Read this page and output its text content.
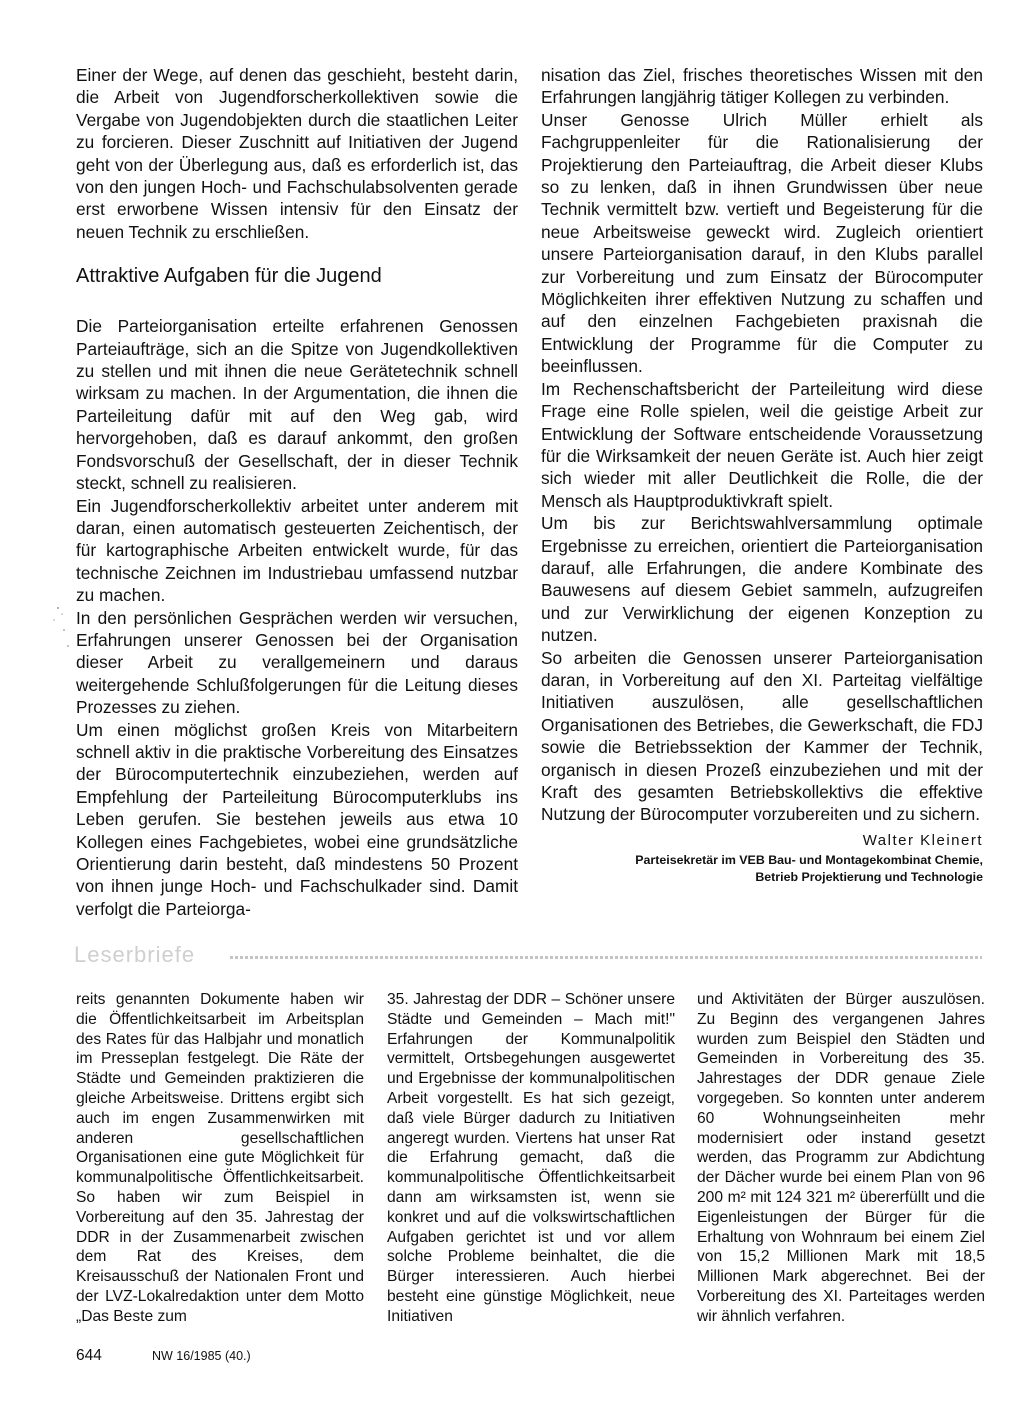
Einer der Wege, auf denen das geschieht, besteht darin, die Arbeit von Jugendforscherkollektiven sowie die Vergabe von Jugendobjekten durch die staatlichen Leiter zu forcieren. Dieser Zuschnitt auf Initiativen der Jugend geht von der Überlegung aus, daß es erforderlich ist, das von den jungen Hoch- und Fachschulabsolventen gerade erst erworbene Wissen intensiv für den Einsatz der neuen Technik zu erschließen.

Attraktive Aufgaben für die Jugend

Die Parteiorganisation erteilte erfahrenen Genossen Parteiaufträge, sich an die Spitze von Jugendkollektiven zu stellen und mit ihnen die neue Gerätetechnik schnell wirksam zu machen. In der Argumentation, die ihnen die Parteileitung dafür mit auf den Weg gab, wird hervorgehoben, daß es darauf ankommt, den großen Fondsvorschuß der Gesellschaft, der in dieser Technik steckt, schnell zu realisieren.

Ein Jugendforscherkollektiv arbeitet unter anderem mit daran, einen automatisch gesteuerten Zeichentisch, der für kartographische Arbeiten entwickelt wurde, für das technische Zeichnen im Industriebau umfassend nutzbar zu machen.

In den persönlichen Gesprächen werden wir versuchen, Erfahrungen unserer Genossen bei der Organisation dieser Arbeit zu verallgemeinern und daraus weitergehende Schlußfolgerungen für die Leitung dieses Prozesses zu ziehen.

Um einen möglichst großen Kreis von Mitarbeitern schnell aktiv in die praktische Vorbereitung des Einsatzes der Bürocomputertechnik einzubeziehen, werden auf Empfehlung der Parteileitung Bürocomputerklubs ins Leben gerufen. Sie bestehen jeweils aus etwa 10 Kollegen eines Fachgebietes, wobei eine grundsätzliche Orientierung darin besteht, daß mindestens 50 Prozent von ihnen junge Hoch- und Fachschulkader sind. Damit verfolgt die Parteiorga-

nisation das Ziel, frisches theoretisches Wissen mit den Erfahrungen langjährig tätiger Kollegen zu verbinden.

Unser Genosse Ulrich Müller erhielt als Fachgruppenleiter für die Rationalisierung der Projektierung den Parteiauftrag, die Arbeit dieser Klubs so zu lenken, daß in ihnen Grundwissen über neue Technik vermittelt bzw. vertieft und Begeisterung für die neue Arbeitsweise geweckt wird. Zugleich orientiert unsere Parteiorganisation darauf, in den Klubs parallel zur Vorbereitung und zum Einsatz der Bürocomputer Möglichkeiten ihrer effektiven Nutzung zu schaffen und auf den einzelnen Fachgebieten praxisnah die Entwicklung der Programme für die Computer zu beeinflussen.

Im Rechenschaftsbericht der Parteileitung wird diese Frage eine Rolle spielen, weil die geistige Arbeit zur Entwicklung der Software entscheidende Voraussetzung für die Wirksamkeit der neuen Geräte ist. Auch hier zeigt sich wieder mit aller Deutlichkeit die Rolle, die der Mensch als Hauptproduktivkraft spielt.

Um bis zur Berichtswahlversammlung optimale Ergebnisse zu erreichen, orientiert die Parteiorganisation darauf, alle Erfahrungen, die andere Kombinate des Bauwesens auf diesem Gebiet sammeln, aufzugreifen und zur Verwirklichung der eigenen Konzeption zu nutzen.

So arbeiten die Genossen unserer Parteiorganisation daran, in Vorbereitung auf den XI. Parteitag vielfältige Initiativen auszulösen, alle gesellschaftlichen Organisationen des Betriebes, die Gewerkschaft, die FDJ sowie die Betriebssektion der Kammer der Technik, organisch in diesen Prozeß einzubeziehen und mit der Kraft des gesamten Betriebskollektivs die effektive Nutzung der Bürocomputer vorzubereiten und zu sichern.

Walter Kleinert
Parteisekretär im VEB Bau- und Montagekombinat Chemie,
Betrieb Projektierung und Technologie
Leserbriefe

reits genannten Dokumente haben wir die Öffentlichkeitsarbeit im Arbeitsplan des Rates für das Halbjahr und monatlich im Presseplan festgelegt. Die Räte der Städte und Gemeinden praktizieren die gleiche Arbeitsweise. Drittens ergibt sich auch im engen Zusammenwirken mit anderen gesellschaftlichen Organisationen eine gute Möglichkeit für kommunalpolitische Öffentlichkeitsarbeit. So haben wir zum Beispiel in Vorbereitung auf den 35. Jahrestag der DDR in der Zusammenarbeit zwischen dem Rat des Kreises, dem Kreisausschuß der Nationalen Front und der LVZ-Lokalredaktion unter dem Motto „Das Beste zum

35. Jahrestag der DDR – Schöner unsere Städte und Gemeinden – Mach mit!" Erfahrungen der Kommunalpolitik vermittelt, Ortsbegehungen ausgewertet und Ergebnisse der kommunalpolitischen Arbeit vorgestellt. Es hat sich gezeigt, daß viele Bürger dadurch zu Initiativen angeregt wurden. Viertens hat unser Rat die Erfahrung gemacht, daß die kommunalpolitische Öffentlichkeitsarbeit dann am wirksamsten ist, wenn sie konkret und auf die volkswirtschaftlichen Aufgaben gerichtet ist und vor allem solche Probleme beinhaltet, die die Bürger interessieren. Auch hierbei besteht eine günstige Möglichkeit, neue Initiativen

und Aktivitäten der Bürger auszulösen. Zu Beginn des vergangenen Jahres wurden zum Beispiel den Städten und Gemeinden in Vorbereitung des 35. Jahrestages der DDR genaue Ziele vorgegeben. So konnten unter anderem 60 Wohnungseinheiten mehr modernisiert oder instand gesetzt werden, das Programm zur Abdichtung der Dächer wurde bei einem Plan von 96 200 m² mit 124 321 m² übererfüllt und die Eigenleistungen der Bürger für die Erhaltung von Wohnraum bei einem Ziel von 15,2 Millionen Mark mit 18,5 Millionen Mark abgerechnet. Bei der Vorbereitung des XI. Parteitages werden wir ähnlich verfahren.

644	NW 16/1985 (40.)
